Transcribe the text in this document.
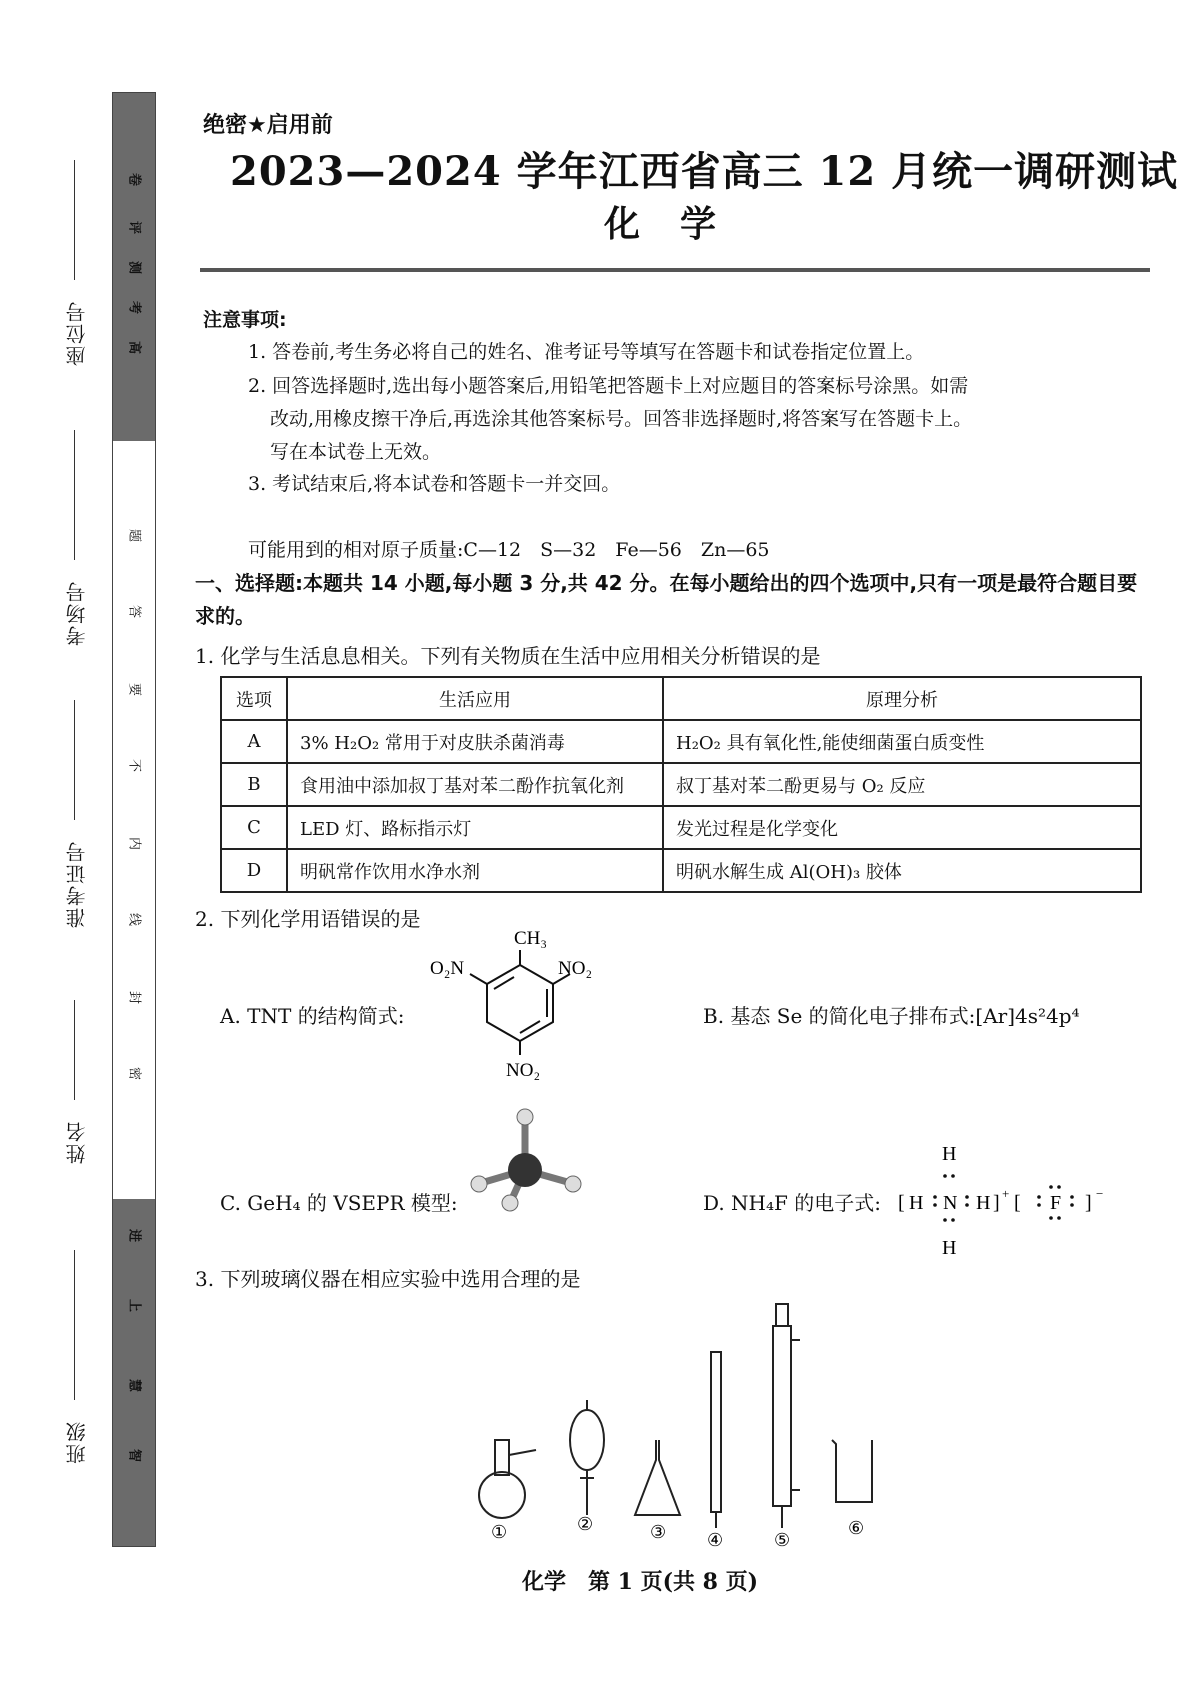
卷
评
测
考
高
题
答
要
不
内
线
封
密
进
上
慧
智
座位号
考场号
准考证号
姓名
班级
绝密★启用前
2023—2024 学年江西省高三 12 月统一调研测试
化学
注意事项:
1. 答卷前,考生务必将自己的姓名、准考证号等填写在答题卡和试卷指定位置上。
2. 回答选择题时,选出每小题答案后,用铅笔把答题卡上对应题目的答案标号涂黑。如需
改动,用橡皮擦干净后,再选涂其他答案标号。回答非选择题时,将答案写在答题卡上。
写在本试卷上无效。
3. 考试结束后,将本试卷和答题卡一并交回。
可能用到的相对原子质量:C—12　S—32　Fe—56　Zn—65
一、选择题:本题共 14 小题,每小题 3 分,共 42 分。在每小题给出的四个选项中,只有一项是最符合题目要求的。
1. 化学与生活息息相关。下列有关物质在生活中应用相关分析错误的是
选项	生活应用	原理分析
A	3% H₂O₂ 常用于对皮肤杀菌消毒	H₂O₂ 具有氧化性,能使细菌蛋白质变性
B	食用油中添加叔丁基对苯二酚作抗氧化剂	叔丁基对苯二酚更易与 O₂ 反应
C	LED 灯、路标指示灯	发光过程是化学变化
D	明矾常作饮用水净水剂	明矾水解生成 Al(OH)₃ 胶体
2. 下列化学用语错误的是
A. TNT 的结构简式:
CH₃
O₂N	NO₂
NO₂
B. 基态 Se 的简化电子排布式:[Ar]4s²4p⁴
C. GeH₄ 的 VSEPR 模型:	D. NH₄F 的电子式: [ H N H ] +
H
H
[ F ] −
3. 下列玻璃仪器在相应实验中选用合理的是
①	②	③ ④	⑤
⑥
化学　第 1 页(共 8 页)
